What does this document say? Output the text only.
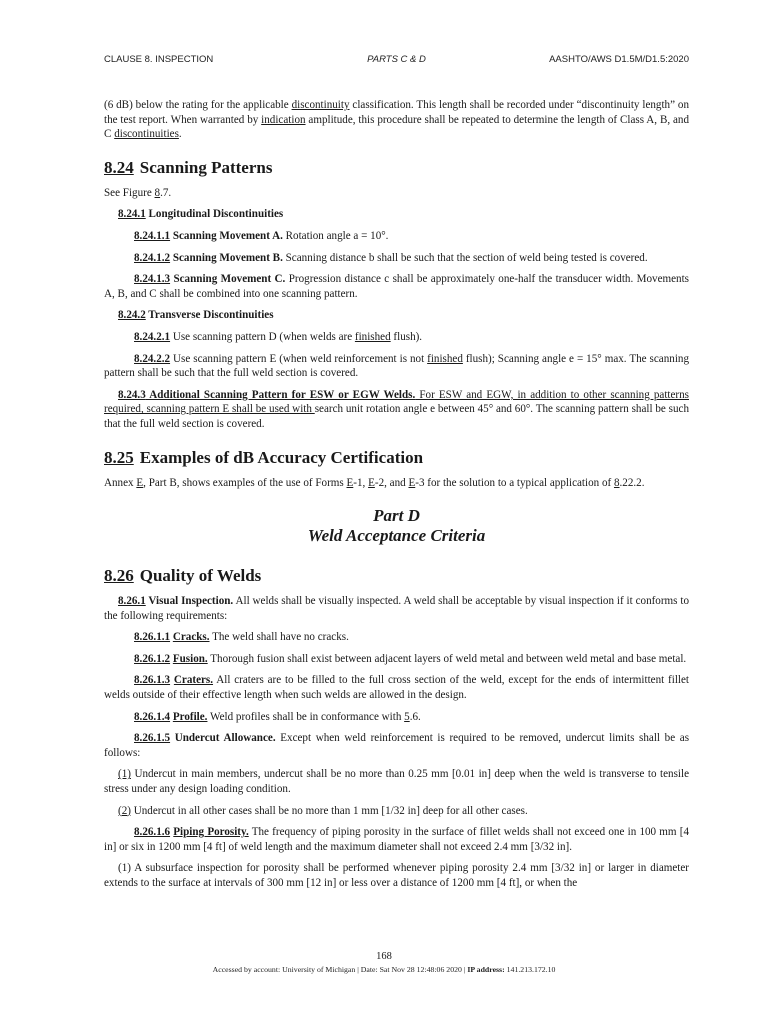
CLAUSE 8. INSPECTION	PARTS C & D	AASHTO/AWS D1.5M/D1.5:2020

(6 dB) below the rating for the applicable discontinuity classification. This length shall be recorded under “discontinuity length” on the test report. When warranted by indication amplitude, this procedure shall be repeated to determine the length of Class A, B, and C discontinuities.

8.24 Scanning Patterns

See Figure 8.7.

8.24.1 Longitudinal Discontinuities

8.24.1.1 Scanning Movement A. Rotation angle a = 10°.

8.24.1.2 Scanning Movement B. Scanning distance b shall be such that the section of weld being tested is covered.

8.24.1.3 Scanning Movement C. Progression distance c shall be approximately one-half the transducer width. Movements A, B, and C shall be combined into one scanning pattern.

8.24.2 Transverse Discontinuities

8.24.2.1 Use scanning pattern D (when welds are finished flush).

8.24.2.2 Use scanning pattern E (when weld reinforcement is not finished flush); Scanning angle e = 15° max. The scanning pattern shall be such that the full weld section is covered.

8.24.3 Additional Scanning Pattern for ESW or EGW Welds. For ESW and EGW, in addition to other scanning patterns required, scanning pattern E shall be used with search unit rotation angle e between 45° and 60°. The scanning pattern shall be such that the full weld section is covered.

8.25 Examples of dB Accuracy Certification

Annex E, Part B, shows examples of the use of Forms E-1, E-2, and E-3 for the solution to a typical application of 8.22.2.

Part D
Weld Acceptance Criteria

8.26 Quality of Welds

8.26.1 Visual Inspection. All welds shall be visually inspected. A weld shall be acceptable by visual inspection if it conforms to the following requirements:

8.26.1.1 Cracks. The weld shall have no cracks.

8.26.1.2 Fusion. Thorough fusion shall exist between adjacent layers of weld metal and between weld metal and base metal.

8.26.1.3 Craters. All craters are to be filled to the full cross section of the weld, except for the ends of intermittent fillet welds outside of their effective length when such welds are allowed in the design.

8.26.1.4 Profile. Weld profiles shall be in conformance with 5.6.

8.26.1.5 Undercut Allowance. Except when weld reinforcement is required to be removed, undercut limits shall be as follows:

(1) Undercut in main members, undercut shall be no more than 0.25 mm [0.01 in] deep when the weld is transverse to tensile stress under any design loading condition.

(2) Undercut in all other cases shall be no more than 1 mm [1/32 in] deep for all other cases.

8.26.1.6 Piping Porosity. The frequency of piping porosity in the surface of fillet welds shall not exceed one in 100 mm [4 in] or six in 1200 mm [4 ft] of weld length and the maximum diameter shall not exceed 2.4 mm [3/32 in].

(1) A subsurface inspection for porosity shall be performed whenever piping porosity 2.4 mm [3/32 in] or larger in diameter extends to the surface at intervals of 300 mm [12 in] or less over a distance of 1200 mm [4 ft], or when the

168
Accessed by account: University of Michigan | Date: Sat Nov 28 12:48:06 2020 | IP address: 141.213.172.10
